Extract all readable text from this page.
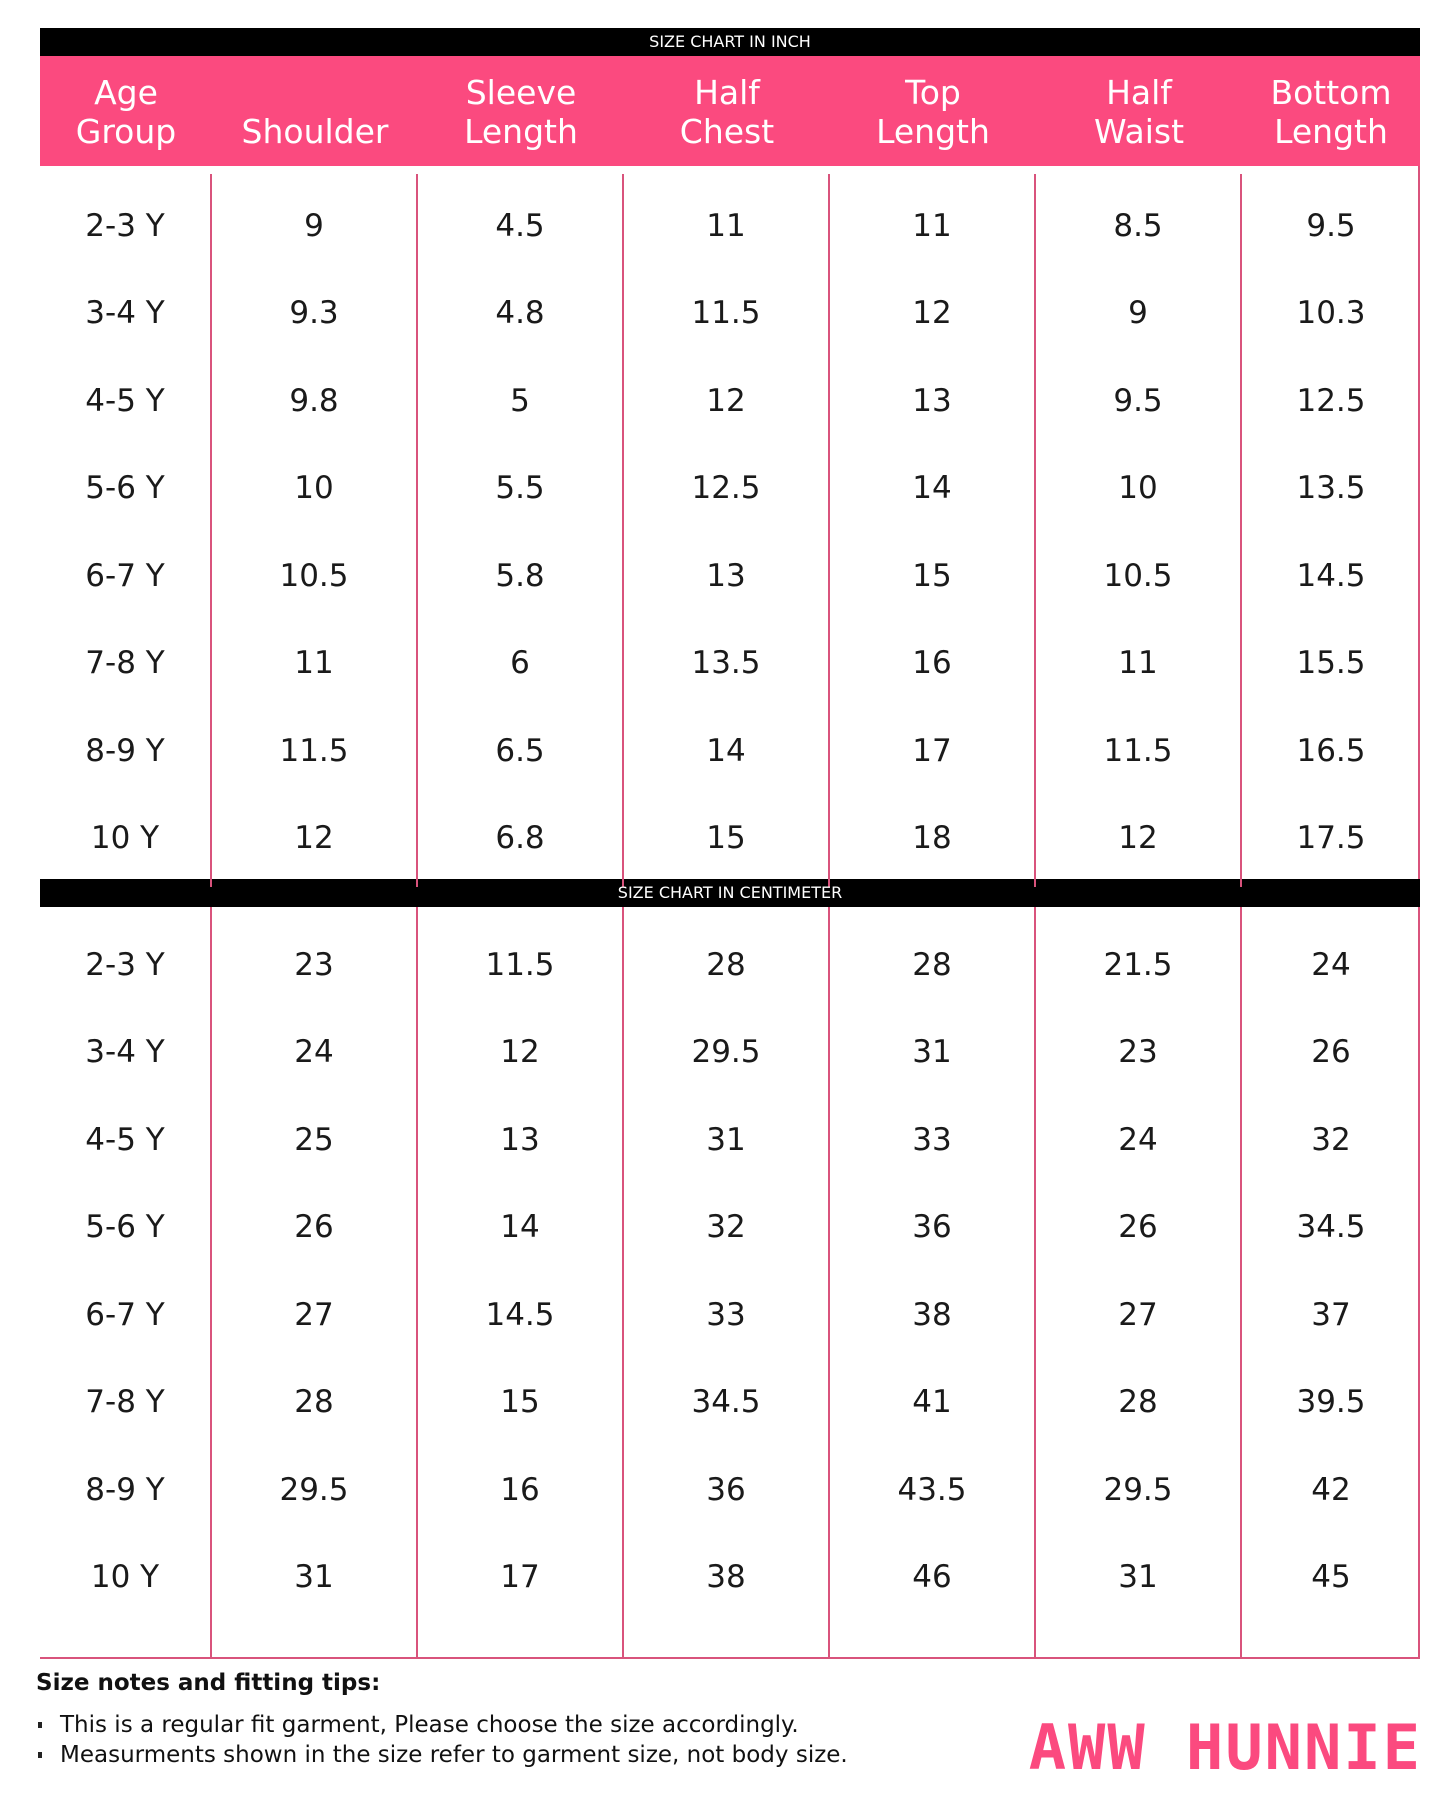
SIZE CHART IN INCH
Age
Group
	Shoulder
Sleeve
Length
Half
Chest
Top
Length
Half
Waist
Bottom
Length
2-3 Y
3-4 Y
4-5 Y
5-6 Y
6-7 Y
7-8 Y
8-9 Y
10 Y
9
9.3
9.8
10
10.5
11
11.5
12
4.5
4.8
5
5.5
5.8
6
6.5
6.8
11
11.5
12
12.5
13
13.5
14
15
11
12
13
14
15
16
17
18
8.5
9
9.5
10
10.5
11
11.5
12
9.5
10.3
12.5
13.5
14.5
15.5
16.5
17.5
SIZE CHART IN CENTIMETER
2-3 Y
3-4 Y
4-5 Y
5-6 Y
6-7 Y
7-8 Y
8-9 Y
10 Y
23
24
25
26
27
28
29.5
31
11.5
12
13
14
14.5
15
16
17
28
29.5
31
32
33
34.5
36
38
28
31
33
36
38
41
43.5
46
21.5
23
24
26
27
28
29.5
31
24
26
32
34.5
37
39.5
42
45
Size notes and fitting tips:
This is a regular fit garment, Please choose the size accordingly.
Measurments shown in the size refer to garment size, not body size.	AWW HUNNIE
